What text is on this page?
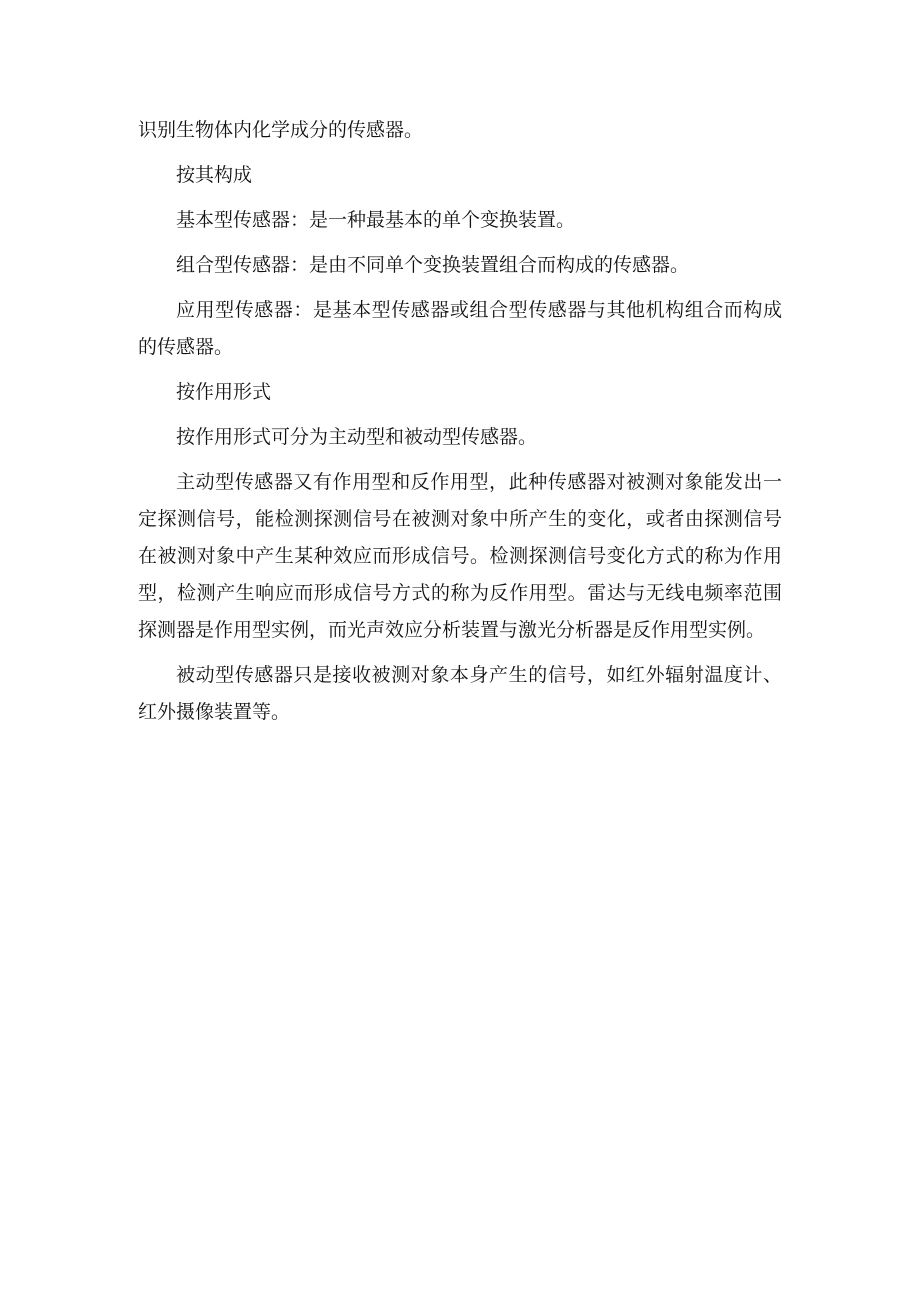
识别生物体内化学成分的传感器。

按其构成

基本型传感器：是一种最基本的单个变换装置。

组合型传感器：是由不同单个变换装置组合而构成的传感器。

应用型传感器：是基本型传感器或组合型传感器与其他机构组合而构成的传感器。

按作用形式

按作用形式可分为主动型和被动型传感器。

主动型传感器又有作用型和反作用型，此种传感器对被测对象能发出一定探测信号，能检测探测信号在被测对象中所产生的变化，或者由探测信号在被测对象中产生某种效应而形成信号。检测探测信号变化方式的称为作用型，检测产生响应而形成信号方式的称为反作用型。雷达与无线电频率范围探测器是作用型实例，而光声效应分析装置与激光分析器是反作用型实例。

被动型传感器只是接收被测对象本身产生的信号，如红外辐射温度计、红外摄像装置等。
